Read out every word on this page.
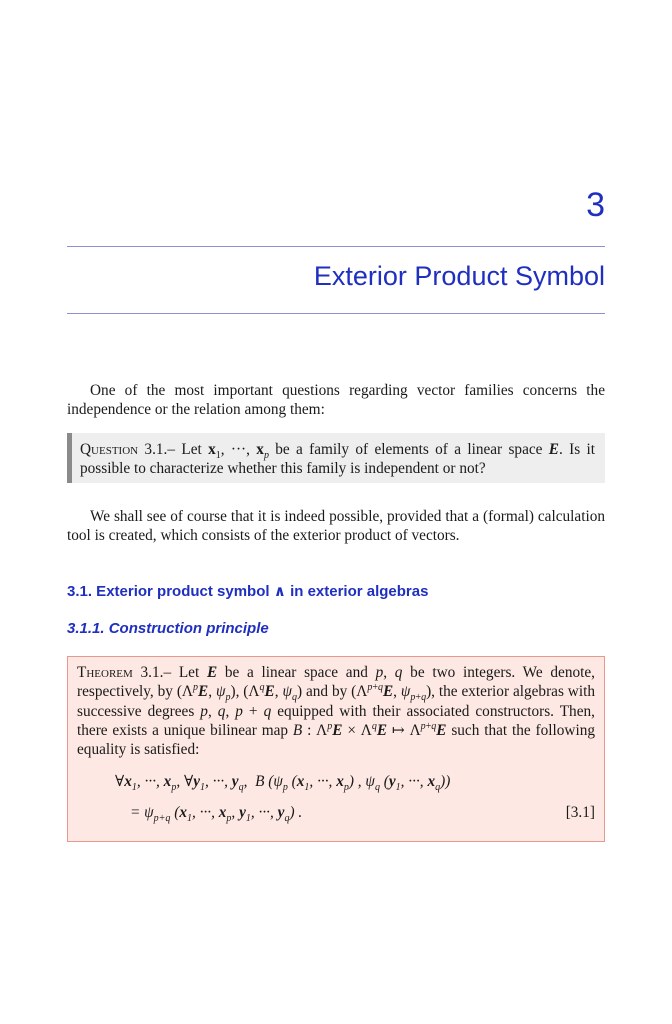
3
Exterior Product Symbol
One of the most important questions regarding vector families concerns the independence or the relation among them:
Question 3.1.– Let $x_1$, ···, $x_p$ be a family of elements of a linear space E. Is it possible to characterize whether this family is independent or not?
We shall see of course that it is indeed possible, provided that a (formal) calculation tool is created, which consists of the exterior product of vectors.
3.1. Exterior product symbol ∧ in exterior algebras
3.1.1. Construction principle
Theorem 3.1.– Let E be a linear space and p, q be two integers. We denote, respectively, by ($\Lambda^pE$, $\psi_p$), ($\Lambda^qE$, $\psi_q$) and by ($\Lambda^{p+q}E$, $\psi_{p+q}$), the exterior algebras with successive degrees p, q, p + q equipped with their associated constructors. Then, there exists a unique bilinear map B : $\Lambda^pE \times \Lambda^qE$ ↦ $\Lambda^{p+q}E$ such that the following equality is satisfied:
$\forall x_1$, ···, $x_p$, $\forall y_1$, ···, $y_q$,  B ($\psi_p$ ($x_1$, ···, $x_p$) , $\psi_q$ ($y_1$, ···, $x_q$))
= $\psi_{p+q}$ ($x_1$, ···, $x_p$, $y_1$, ···, $y_q$) .	[3.1]
